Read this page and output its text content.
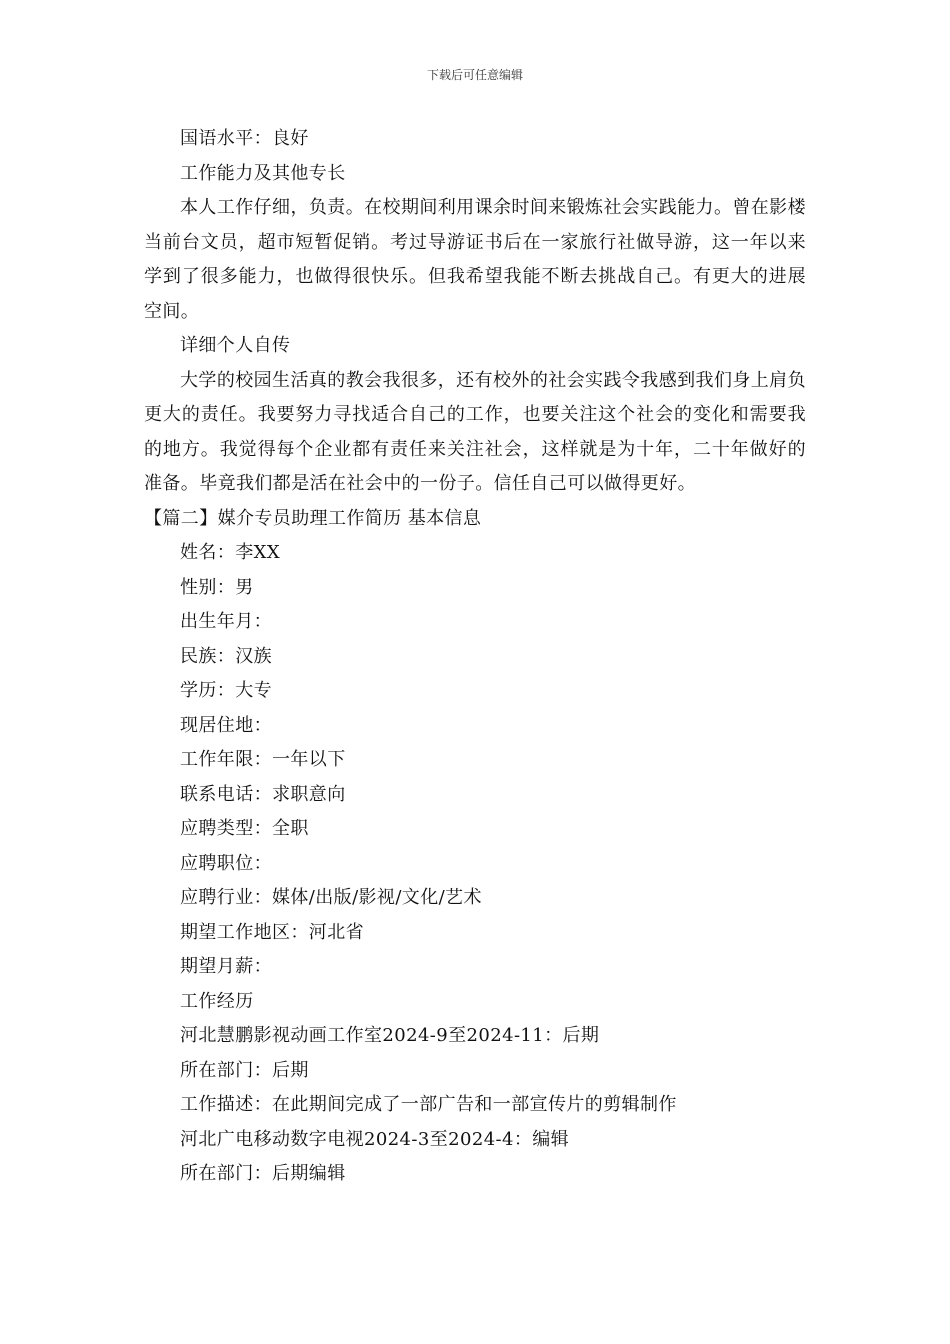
下载后可任意编辑

国语水平：良好

工作能力及其他专长

本人工作仔细，负责。在校期间利用课余时间来锻炼社会实践能力。曾在影楼当前台文员，超市短暂促销。考过导游证书后在一家旅行社做导游，这一年以来学到了很多能力，也做得很快乐。但我希望我能不断去挑战自己。有更大的进展空间。

详细个人自传

大学的校园生活真的教会我很多，还有校外的社会实践令我感到我们身上肩负更大的责任。我要努力寻找适合自己的工作，也要关注这个社会的变化和需要我的地方。我觉得每个企业都有责任来关注社会，这样就是为十年，二十年做好的准备。毕竟我们都是活在社会中的一份子。信任自己可以做得更好。

【篇二】媒介专员助理工作简历 基本信息

姓名：李XX

性别：男

出生年月：

民族：汉族

学历：大专

现居住地：

工作年限：一年以下

联系电话：求职意向

应聘类型：全职

应聘职位：

应聘行业：媒体/出版/影视/文化/艺术

期望工作地区：河北省

期望月薪：

工作经历

河北慧鹏影视动画工作室2024-9至2024-11：后期

所在部门：后期

工作描述：在此期间完成了一部广告和一部宣传片的剪辑制作

河北广电移动数字电视2024-3至2024-4：编辑

所在部门：后期编辑
